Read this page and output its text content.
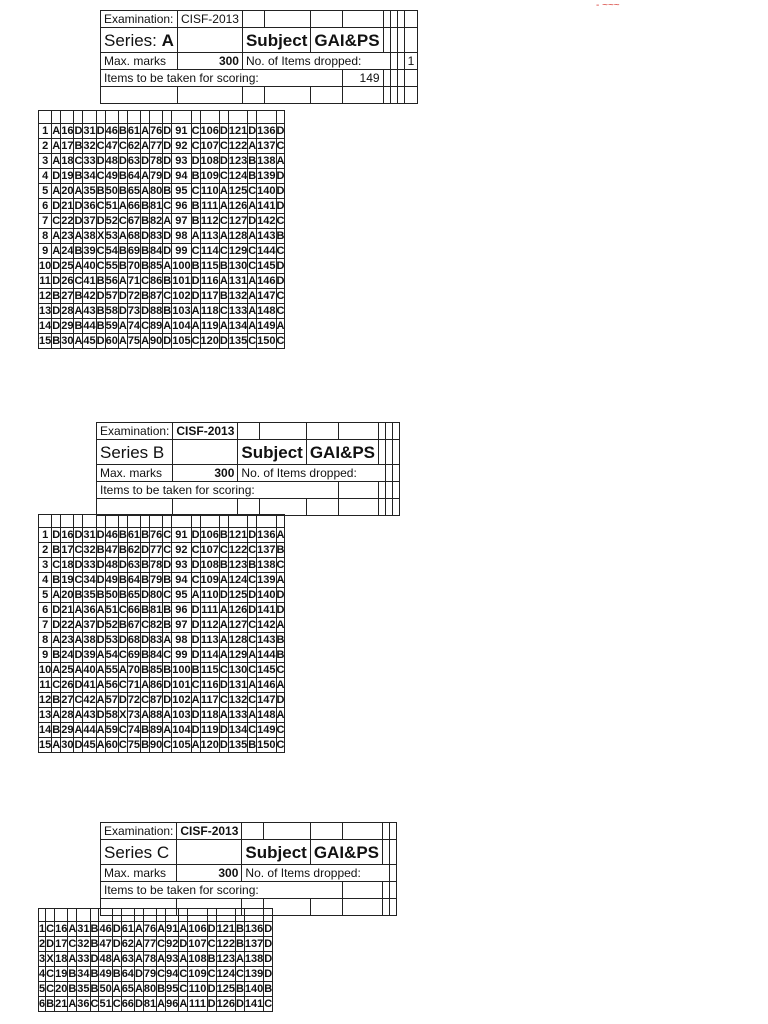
- ~~~
Examination:	CISF-2013								
Series: A		Subject		GAI&PS					
Max. marks	300	No. of Items dropped:							1
Items to be taken for scoring:					149				

1	A	16	D	31	D	46	B	61	A	76	D	91	C	106	D	121	D	136	D
2	A	17	B	32	C	47	C	62	A	77	D	92	C	107	C	122	A	137	C
3	A	18	C	33	D	48	D	63	D	78	D	93	D	108	D	123	B	138	A
4	D	19	B	34	C	49	B	64	A	79	D	94	B	109	C	124	B	139	D
5	A	20	A	35	B	50	B	65	A	80	B	95	C	110	A	125	C	140	D
6	D	21	D	36	C	51	A	66	B	81	C	96	B	111	A	126	A	141	D
7	C	22	D	37	D	52	C	67	B	82	A	97	B	112	C	127	D	142	C
8	A	23	A	38	X	53	A	68	D	83	D	98	A	113	A	128	A	143	B
9	A	24	B	39	C	54	B	69	B	84	D	99	C	114	C	129	C	144	C
10	D	25	A	40	C	55	B	70	B	85	A	100	B	115	B	130	C	145	D
11	D	26	C	41	B	56	A	71	C	86	B	101	D	116	A	131	A	146	D
12	B	27	B	42	D	57	D	72	B	87	C	102	D	117	B	132	A	147	C
13	D	28	A	43	B	58	D	73	D	88	B	103	A	118	C	133	A	148	C
14	D	29	B	44	B	59	A	74	C	89	A	104	A	119	A	134	A	149	A
15	B	30	A	45	D	60	A	75	A	90	D	105	C	120	D	135	C	150	C
Examination:	CISF-2013							
Series B		Subject		GAI&PS				
Max. marks	300	No. of Items dropped:						
Items to be taken for scoring:								

1	D	16	D	31	D	46	B	61	B	76	C	91	D	106	B	121	D	136	A
2	B	17	C	32	B	47	B	62	D	77	C	92	C	107	C	122	C	137	B
3	C	18	D	33	D	48	D	63	B	78	D	93	D	108	B	123	B	138	C
4	B	19	C	34	D	49	B	64	B	79	B	94	C	109	A	124	C	139	A
5	A	20	B	35	B	50	B	65	D	80	C	95	A	110	D	125	D	140	D
6	D	21	A	36	A	51	C	66	B	81	B	96	D	111	A	126	D	141	D
7	D	22	A	37	D	52	B	67	C	82	B	97	D	112	A	127	C	142	A
8	A	23	A	38	D	53	D	68	D	83	A	98	D	113	A	128	C	143	B
9	B	24	D	39	A	54	C	69	B	84	C	99	D	114	A	129	A	144	B
10	A	25	A	40	A	55	A	70	B	85	B	100	B	115	C	130	C	145	C
11	C	26	D	41	A	56	C	71	A	86	D	101	C	116	D	131	A	146	A
12	B	27	C	42	A	57	D	72	C	87	D	102	A	117	C	132	C	147	D
13	A	28	A	43	D	58	X	73	A	88	A	103	D	118	A	133	A	148	A
14	B	29	A	44	A	59	C	74	B	89	A	104	D	119	D	134	C	149	C
15	A	30	D	45	A	60	C	75	B	90	C	105	A	120	D	135	B	150	C
Examination:	CISF-2013						
Series C		Subject		GAI&PS			
Max. marks	300	No. of Items dropped:					
Items to be taken for scoring:							

1	C	16	A	31	B	46	D	61	A	76	A	91	A	106	D	121	B	136	D
2	D	17	C	32	B	47	D	62	A	77	C	92	D	107	C	122	B	137	D
3	X	18	A	33	D	48	A	63	A	78	A	93	A	108	B	123	A	138	D
4	C	19	B	34	B	49	B	64	D	79	C	94	C	109	C	124	C	139	D
5	C	20	B	35	B	50	A	65	A	80	B	95	C	110	D	125	B	140	B
6	B	21	A	36	C	51	C	66	D	81	A	96	A	111	D	126	D	141	C
